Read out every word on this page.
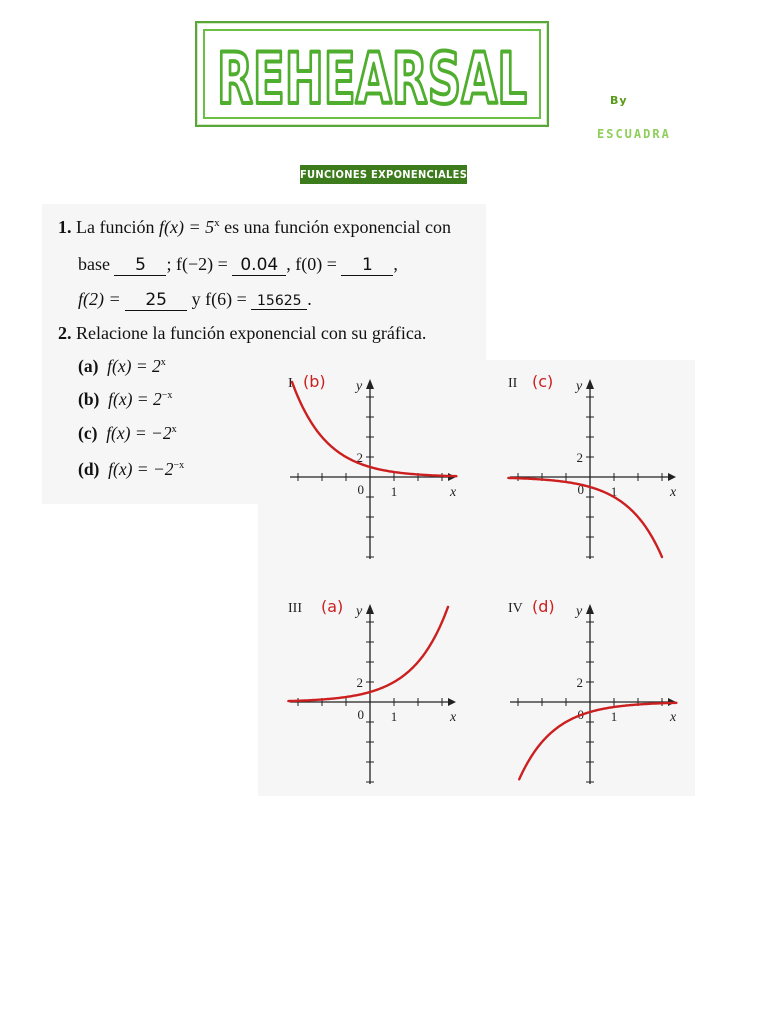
REHEARSAL	By
ESCUADRA
FUNCIONES EXPONENCIALES
1. La función $f(x) = 5^x$ es una función exponencial con
base 5 ; f(−2) = 0.04 , f(0) = 1 ,
f(2) = 25 y f(6) = 15625 .
2. Relacione la función exponencial con su gráfica.
(a) $f(x) = 2^x$
(b) $f(x) = 2^{-x}$
(c) $f(x) = -2^x$
(d) $f(x) = -2^{-x}$
1
2
0	x
y
I (b)
1
2
0	x
y
II (c)
1
2
0	x
y
III (a)
1
2
0	x
y
IV (d)
